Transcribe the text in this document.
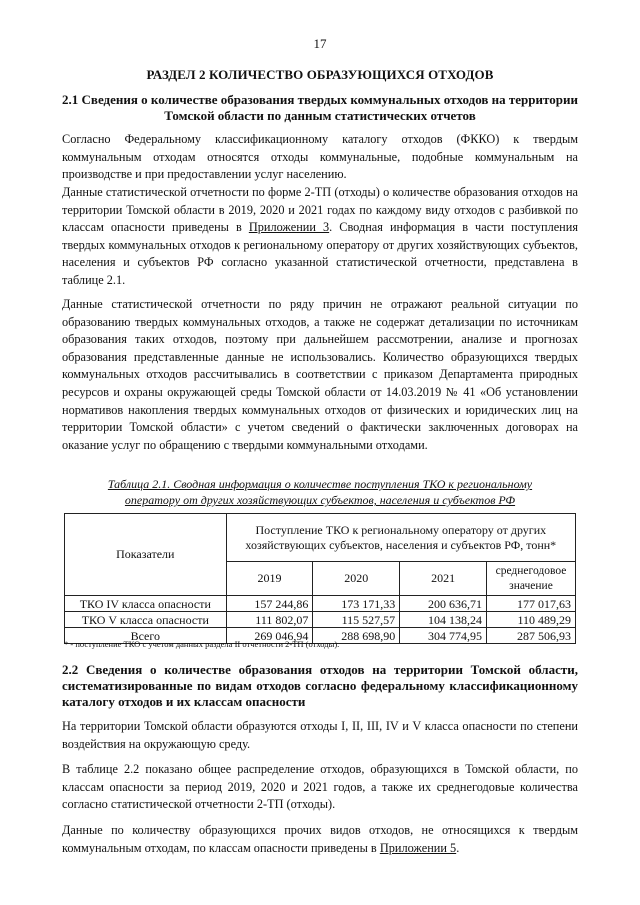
17
РАЗДЕЛ 2 КОЛИЧЕСТВО ОБРАЗУЮЩИХСЯ ОТХОДОВ
2.1 Сведения о количестве образования твердых коммунальных отходов на территории Томской области по данным статистических отчетов
Согласно Федеральному классификационному каталогу отходов (ФККО) к твердым коммунальным отходам относятся отходы коммунальные, подобные коммунальным на производстве и при предоставлении услуг населению.
Данные статистической отчетности по форме 2-ТП (отходы) о количестве образования отходов на территории Томской области в 2019, 2020 и 2021 годах по каждому виду отходов с разбивкой по классам опасности приведены в Приложении 3. Сводная информация в части поступления твердых коммунальных отходов к региональному оператору от других хозяйствующих субъектов, населения и субъектов РФ согласно указанной статистической отчетности, представлена в таблице 2.1.
Данные статистической отчетности по ряду причин не отражают реальной ситуации по образованию твердых коммунальных отходов, а также не содержат детализации по источникам образования таких отходов, поэтому при дальнейшем рассмотрении, анализе и прогнозах образования представленные данные не использовались. Количество образующихся твердых коммунальных отходов рассчитывались в соответствии с приказом Департамента природных ресурсов и охраны окружающей среды Томской области от 14.03.2019 № 41 «Об установлении нормативов накопления твердых коммунальных отходов от физических и юридических лиц на территории Томской области» с учетом сведений о фактически заключенных договорах на оказание услуг по обращению с твердыми коммунальными отходами.
Таблица 2.1. Сводная информация о количестве поступления ТКО к региональному оператору от других хозяйствующих субъектов, населения и субъектов РФ
Показатели	Поступление ТКО к региональному оператору от других хозяйствующих субъектов, населения и субъектов РФ, тонн*			
	2019	2020	2021	среднегодовое значение
ТКО IV класса опасности	157 244,86	173 171,33	200 636,71	177 017,63
ТКО V класса опасности	111 802,07	115 527,57	104 138,24	110 489,29
Всего	269 046,94	288 698,90	304 774,95	287 506,93
* - поступление ТКО с учетом данных раздела II отчетности 2-ТП (отходы).
2.2 Сведения о количестве образования отходов на территории Томской области, систематизированные по видам отходов согласно федеральному классификационному каталогу отходов и их классам опасности
На территории Томской области образуются отходы I, II, III, IV и V класса опасности по степени воздействия на окружающую среду.
В таблице 2.2 показано общее распределение отходов, образующихся в Томской области, по классам опасности за период 2019, 2020 и 2021 годов, а также их среднегодовые количества согласно статистической отчетности 2-ТП (отходы).
Данные по количеству образующихся прочих видов отходов, не относящихся к твердым коммунальным отходам, по классам опасности приведены в Приложении 5.
